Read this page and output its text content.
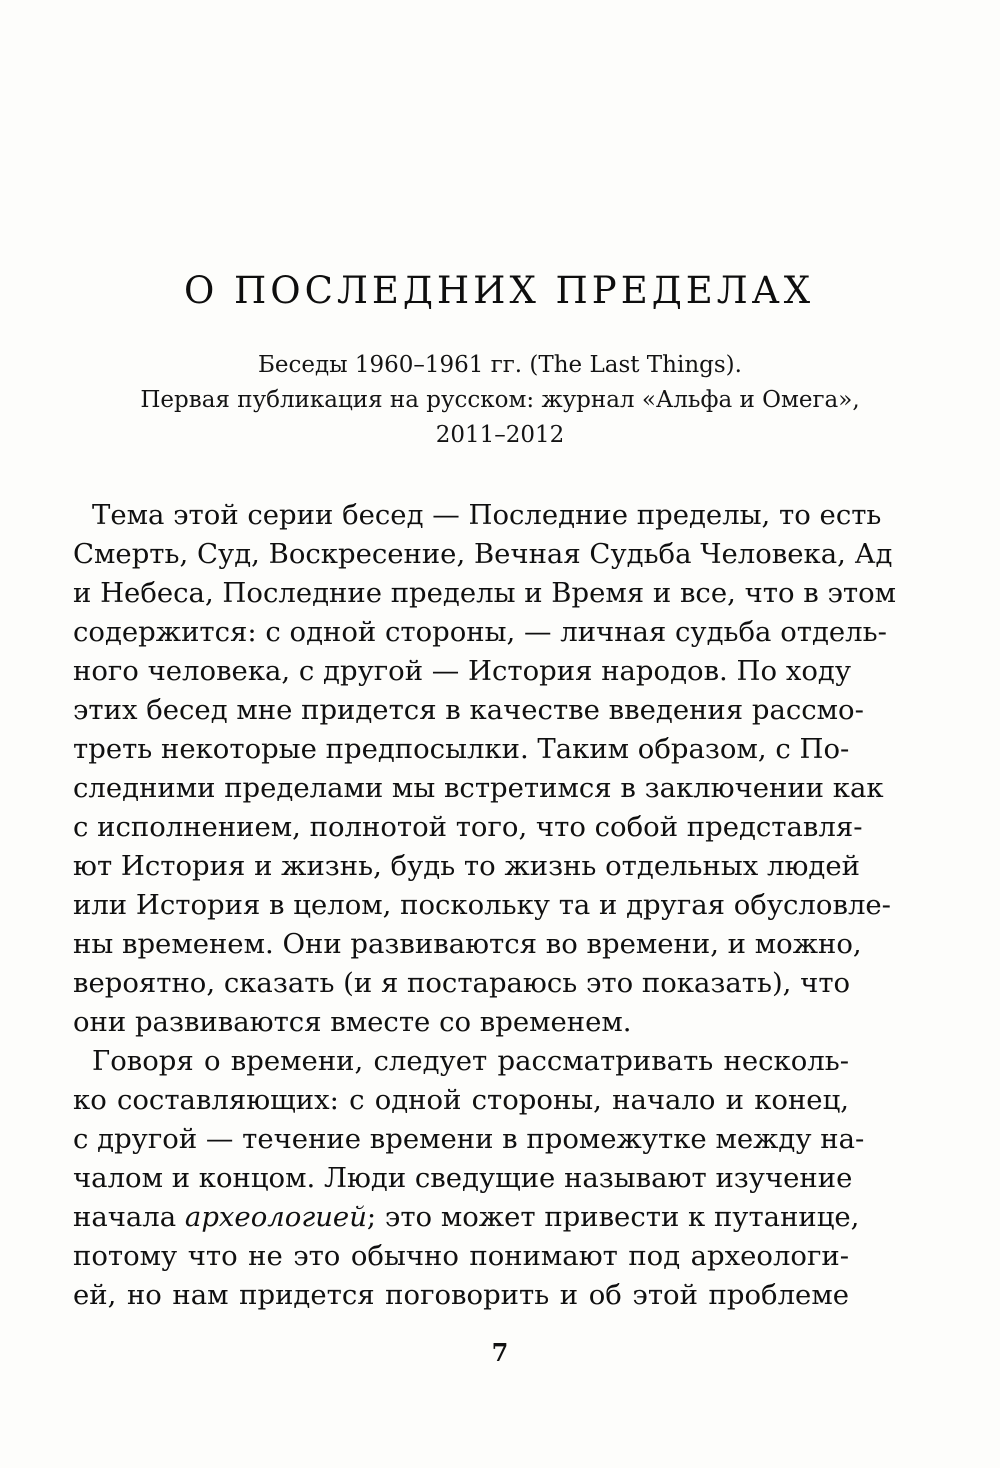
О ПОСЛЕДНИХ ПРЕДЕЛАХ
Беседы 1960–1961 гг. (The Last Things).
Первая публикация на русском: журнал «Альфа и Омега»,
2011–2012
Тема этой серии бесед — Последние пределы, то есть
Смерть, Суд, Воскресение, Вечная Судьба Человека, Ад
и Небеса, Последние пределы и Время и все, что в этом
содержится: с одной стороны, — личная судьба отдель-
ного человека, с другой — История народов. По ходу
этих бесед мне придется в качестве введения рассмо-
треть некоторые предпосылки. Таким образом, с По-
следними пределами мы встретимся в заключении как
с исполнением, полнотой того, что собой представля-
ют История и жизнь, будь то жизнь отдельных людей
или История в целом, поскольку та и другая обусловле-
ны временем. Они развиваются во времени, и можно,
вероятно, сказать (и я постараюсь это показать), что
они развиваются вместе со временем.
Говоря о времени, следует рассматривать несколь-
ко составляющих: с одной стороны, начало и конец,
с другой — течение времени в промежутке между на-
чалом и концом. Люди сведущие называют изучение
начала археологией; это может привести к путанице,
потому что не это обычно понимают под археологи-
ей, но нам придется поговорить и об этой проблеме
7
